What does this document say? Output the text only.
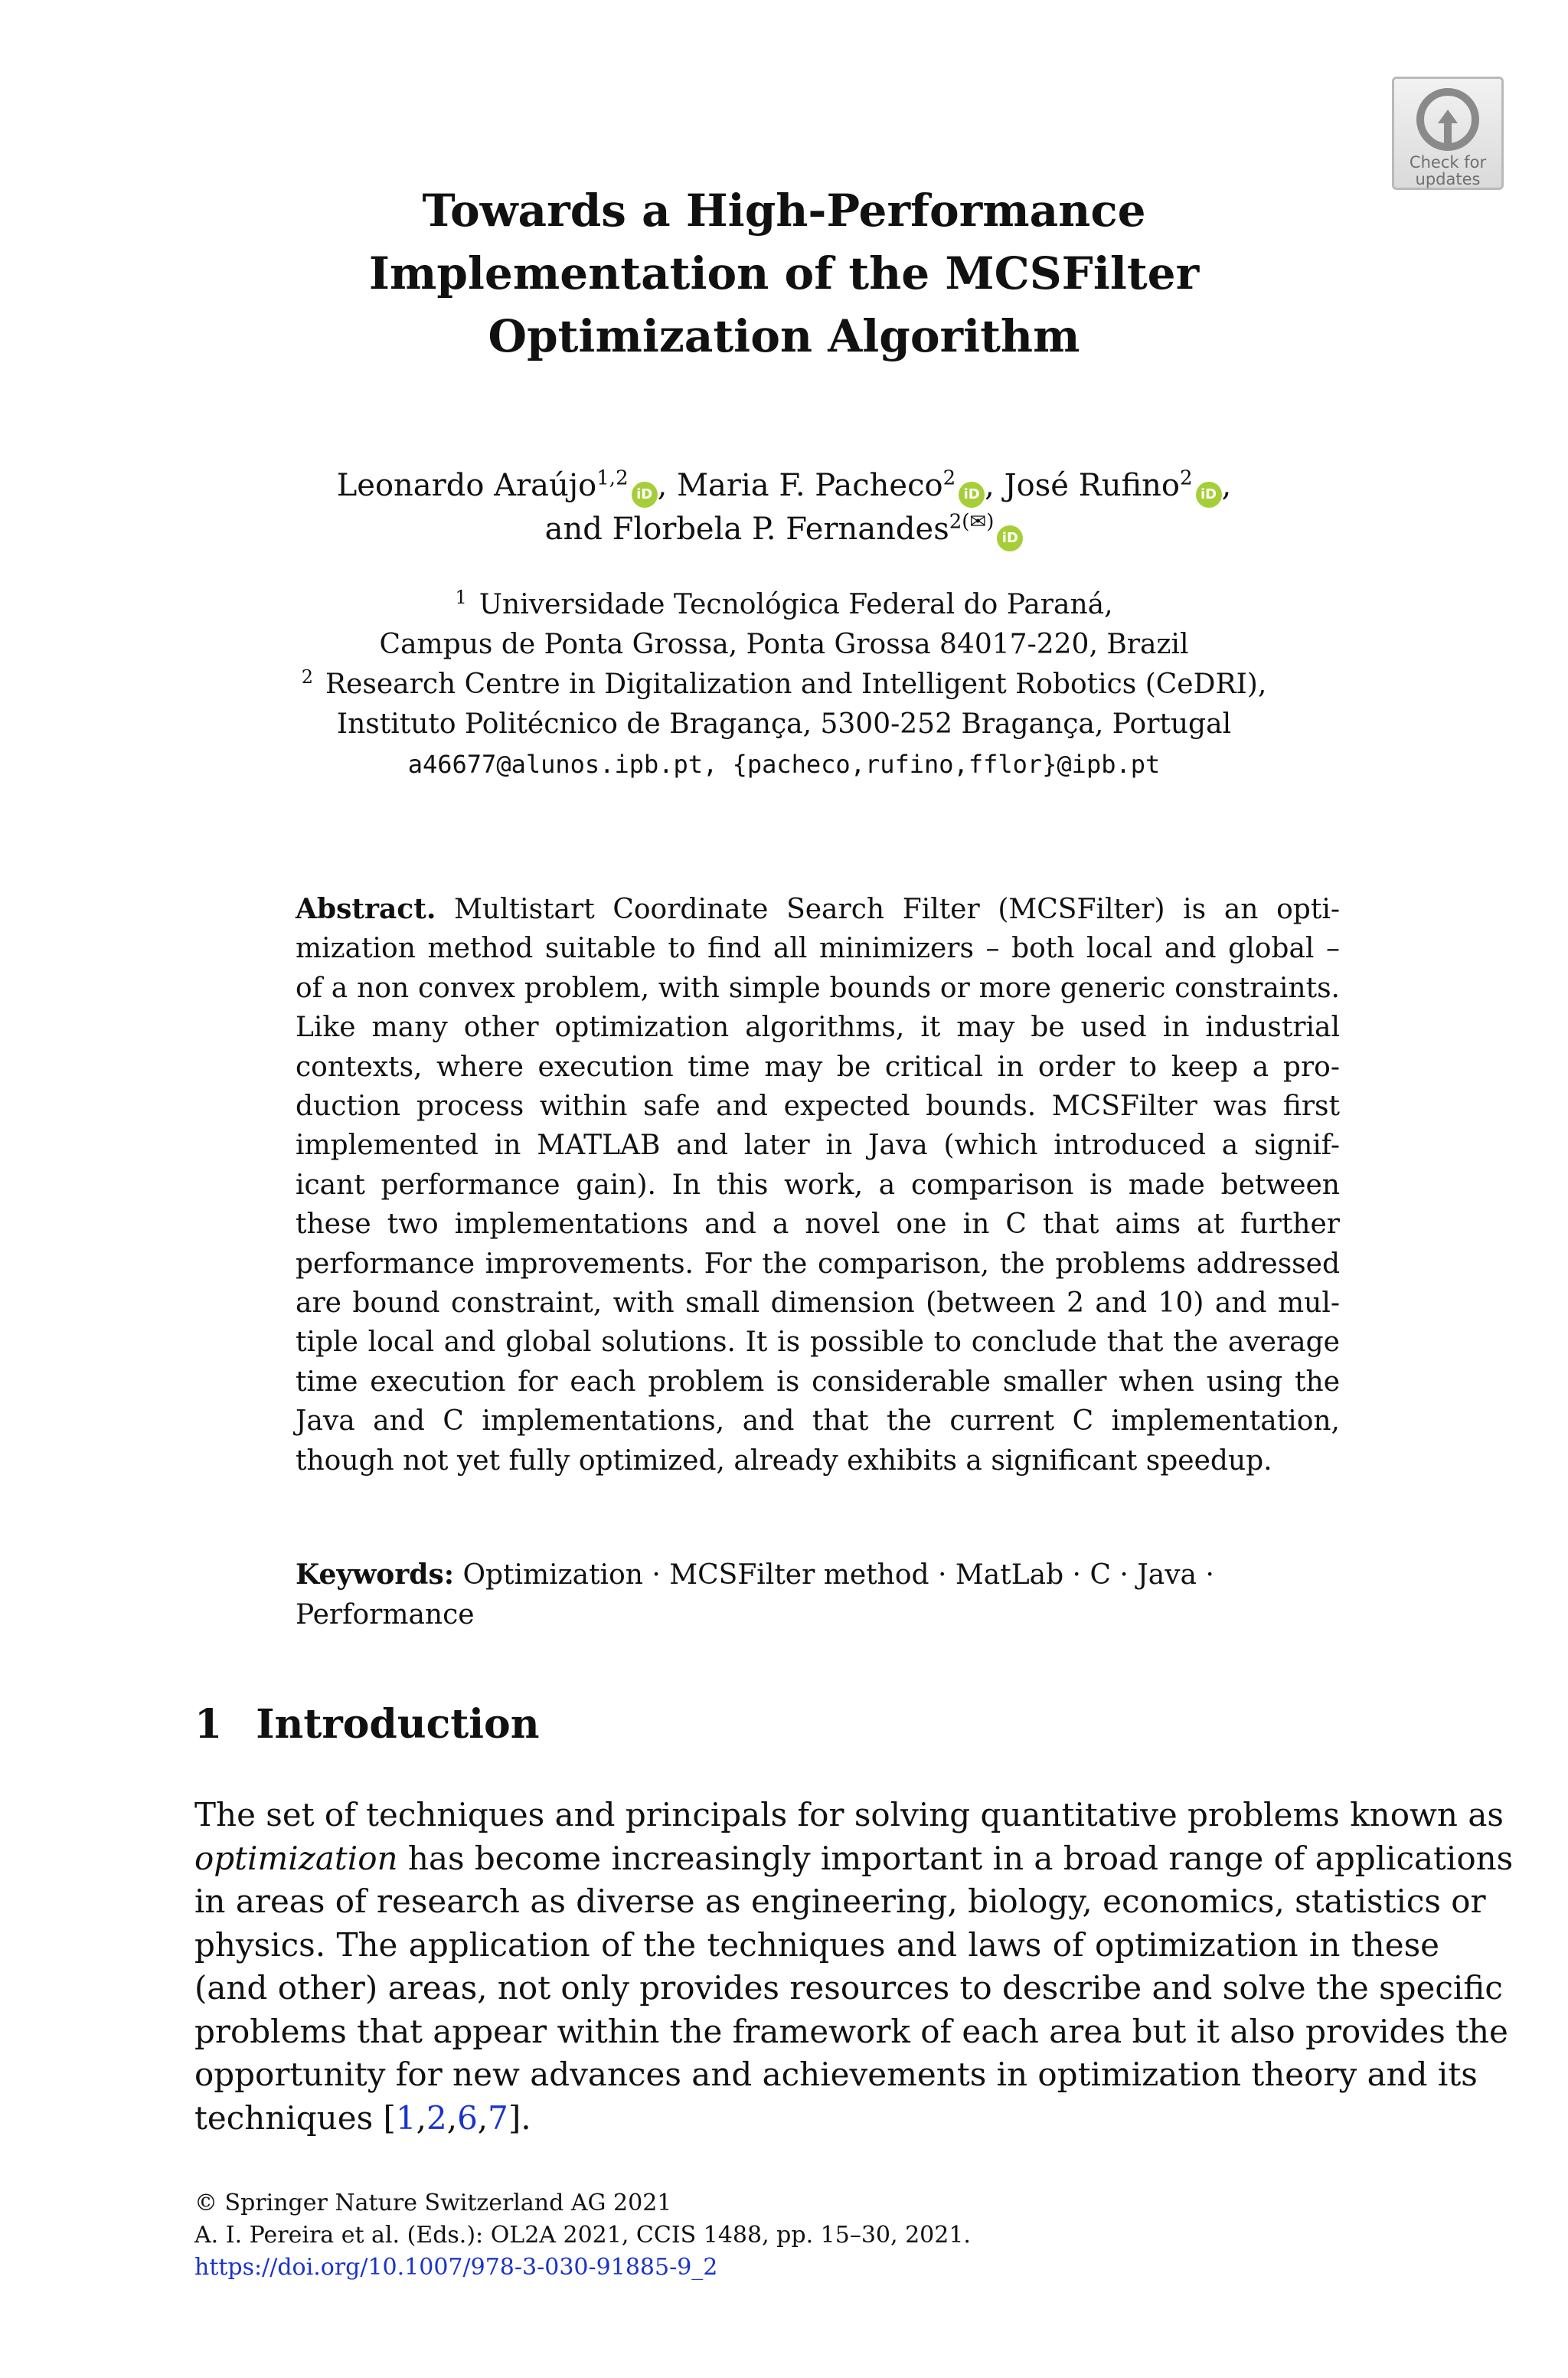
Check for
updates
Towards a High-Performance
Implementation of the MCSFilter
Optimization Algorithm
Leonardo Araújo$^{1,2}$iD , Maria F. Pacheco$^2$iD , José Rufino$^2$iD ,
and Florbela P. Fernandes$^{2(✉)}$iD
$^1$ Universidade Tecnológica Federal do Paraná,
Campus de Ponta Grossa, Ponta Grossa 84017-220, Brazil
$^2$ Research Centre in Digitalization and Intelligent Robotics (CeDRI),
Instituto Politécnico de Bragança, 5300-252 Bragança, Portugal
a46677@alunos.ipb.pt, {pacheco,rufino,fflor}@ipb.pt
Abstract. Multistart Coordinate Search Filter (MCSFilter) is an opti-
mization method suitable to find all minimizers – both local and global –
of a non convex problem, with simple bounds or more generic constraints.
Like many other optimization algorithms, it may be used in industrial
contexts, where execution time may be critical in order to keep a pro-
duction process within safe and expected bounds. MCSFilter was first
implemented in MATLAB and later in Java (which introduced a signif-
icant performance gain). In this work, a comparison is made between
these two implementations and a novel one in C that aims at further
performance improvements. For the comparison, the problems addressed
are bound constraint, with small dimension (between 2 and 10) and mul-
tiple local and global solutions. It is possible to conclude that the average
time execution for each problem is considerable smaller when using the
Java and C implementations, and that the current C implementation,
though not yet fully optimized, already exhibits a significant speedup.
Keywords: Optimization · MCSFilter method · MatLab · C · Java ·
Performance
1 Introduction
The set of techniques and principals for solving quantitative problems known as
optimization has become increasingly important in a broad range of applications
in areas of research as diverse as engineering, biology, economics, statistics or
physics. The application of the techniques and laws of optimization in these
(and other) areas, not only provides resources to describe and solve the specific
problems that appear within the framework of each area but it also provides the
opportunity for new advances and achievements in optimization theory and its
techniques [1,2,6,7].
© Springer Nature Switzerland AG 2021
A. I. Pereira et al. (Eds.): OL2A 2021, CCIS 1488, pp. 15–30, 2021.
https://doi.org/10.1007/978-3-030-91885-9_2
